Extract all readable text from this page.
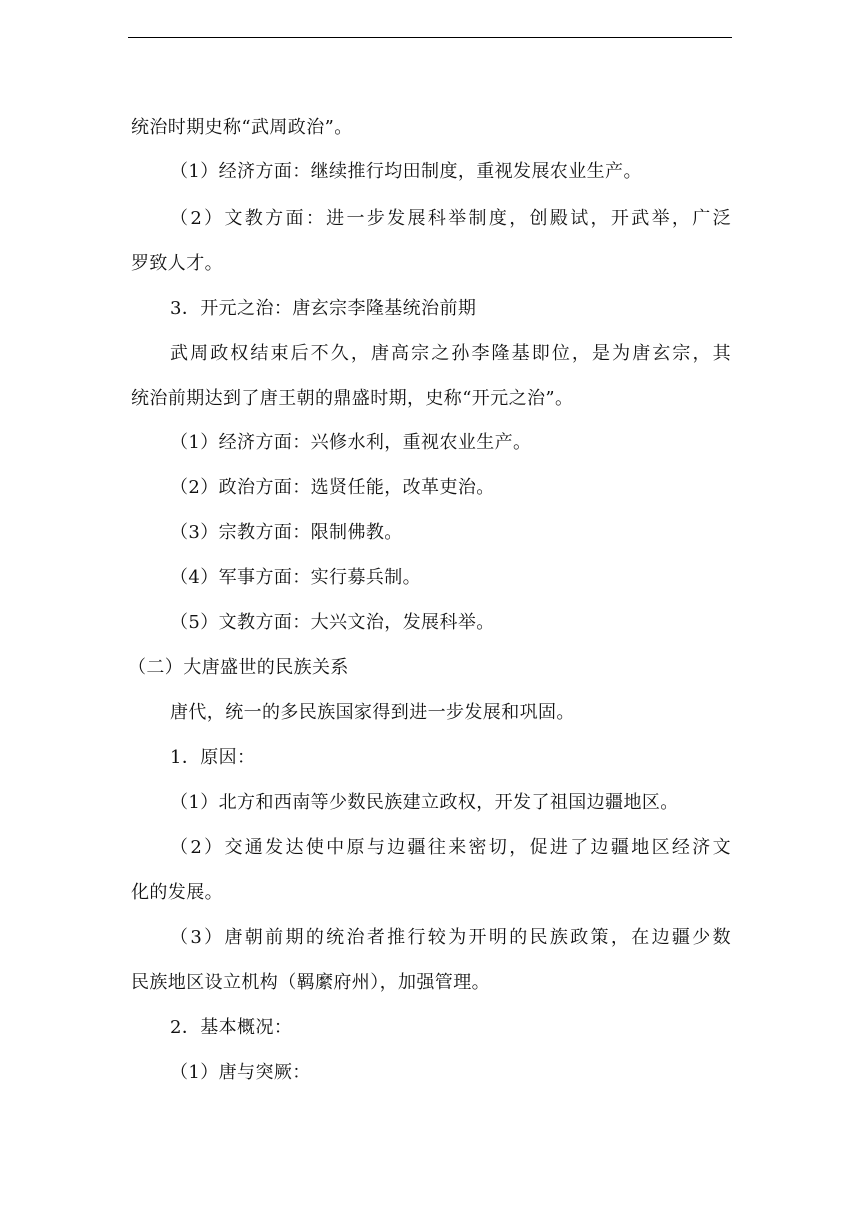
统治时期史称“武周政治”。
（1）经济方面：继续推行均田制度，重视发展农业生产。
（2）文教方面：进一步发展科举制度，创殿试，开武举，广泛
罗致人才。
3．开元之治：唐玄宗李隆基统治前期
武周政权结束后不久，唐高宗之孙李隆基即位，是为唐玄宗，其
统治前期达到了唐王朝的鼎盛时期，史称“开元之治”。
（1）经济方面：兴修水利，重视农业生产。
（2）政治方面：选贤任能，改革吏治。
（3）宗教方面：限制佛教。
（4）军事方面：实行募兵制。
（5）文教方面：大兴文治，发展科举。
（二）大唐盛世的民族关系
唐代，统一的多民族国家得到进一步发展和巩固。
1．原因：
（1）北方和西南等少数民族建立政权，开发了祖国边疆地区。
（2）交通发达使中原与边疆往来密切，促进了边疆地区经济文
化的发展。
（3）唐朝前期的统治者推行较为开明的民族政策，在边疆少数
民族地区设立机构（羁縻府州），加强管理。
2．基本概况：
（1）唐与突厥：
